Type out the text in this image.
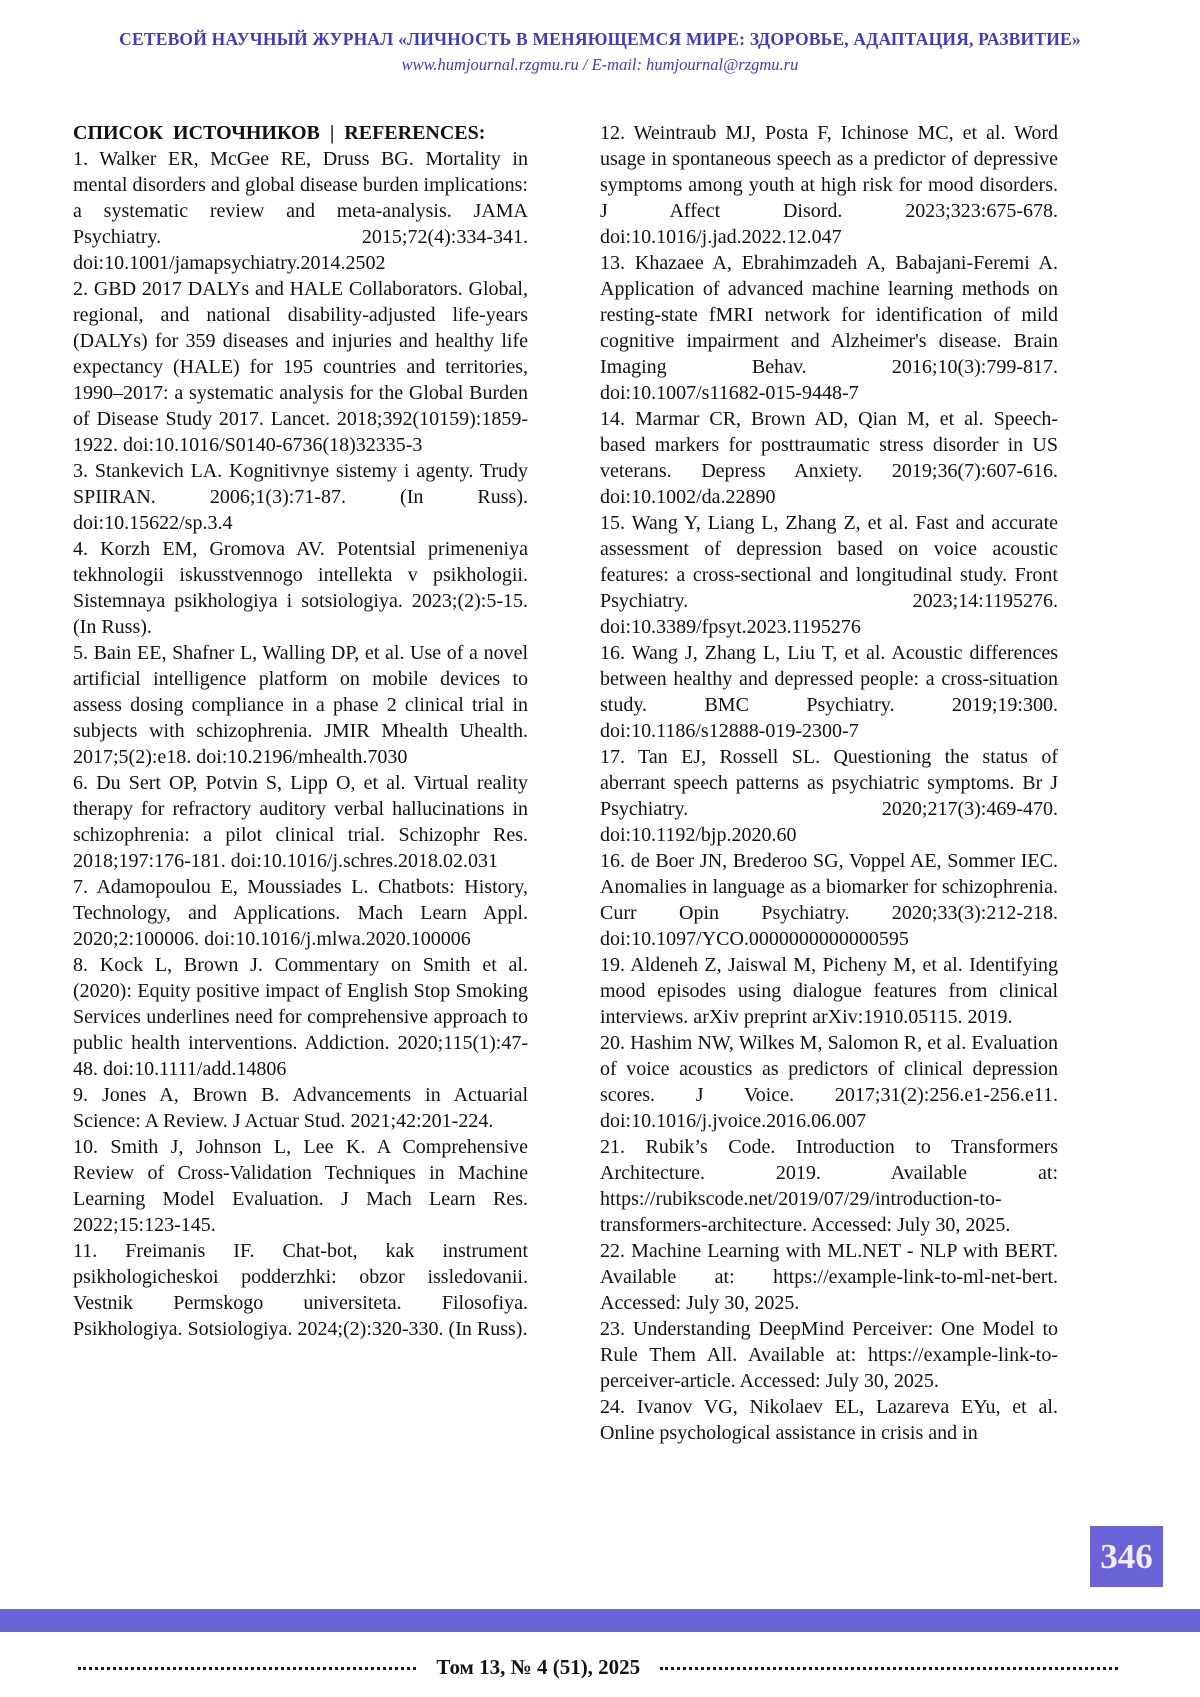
СЕТЕВОЙ НАУЧНЫЙ ЖУРНАЛ «ЛИЧНОСТЬ В МЕНЯЮЩЕМСЯ МИРЕ: ЗДОРОВЬЕ, АДАПТАЦИЯ, РАЗВИТИЕ»
www.humjournal.rzgmu.ru / E-mail: humjournal@rzgmu.ru

СПИСОК ИСТОЧНИКОВ | REFERENCES:

1. Walker ER, McGee RE, Druss BG. Mortality in mental disorders and global disease burden implications: a systematic review and meta-analysis. JAMA Psychiatry. 2015;72(4):334-341. doi:10.1001/jamapsychiatry.2014.2502

2. GBD 2017 DALYs and HALE Collaborators. Global, regional, and national disability-adjusted life-years (DALYs) for 359 diseases and injuries and healthy life expectancy (HALE) for 195 countries and territories, 1990–2017: a systematic analysis for the Global Burden of Disease Study 2017. Lancet. 2018;392(10159):1859-1922. doi:10.1016/S0140-6736(18)32335-3

3. Stankevich LA. Kognitivnye sistemy i agenty. Trudy SPIIRAN. 2006;1(3):71-87. (In Russ). doi:10.15622/sp.3.4

4. Korzh EM, Gromova AV. Potentsial primeneniya tekhnologii iskusstvennogo intellekta v psikhologii. Sistemnaya psikhologiya i sotsiologiya. 2023;(2):5-15. (In Russ).

5. Bain EE, Shafner L, Walling DP, et al. Use of a novel artificial intelligence platform on mobile devices to assess dosing compliance in a phase 2 clinical trial in subjects with schizophrenia. JMIR Mhealth Uhealth. 2017;5(2):e18. doi:10.2196/mhealth.7030

6. Du Sert OP, Potvin S, Lipp O, et al. Virtual reality therapy for refractory auditory verbal hallucinations in schizophrenia: a pilot clinical trial. Schizophr Res. 2018;197:176-181. doi:10.1016/j.schres.2018.02.031

7. Adamopoulou E, Moussiades L. Chatbots: History, Technology, and Applications. Mach Learn Appl. 2020;2:100006. doi:10.1016/j.mlwa.2020.100006

8. Kock L, Brown J. Commentary on Smith et al. (2020): Equity positive impact of English Stop Smoking Services underlines need for comprehensive approach to public health interventions. Addiction. 2020;115(1):47-48. doi:10.1111/add.14806

9. Jones A, Brown B. Advancements in Actuarial Science: A Review. J Actuar Stud. 2021;42:201-224.

10. Smith J, Johnson L, Lee K. A Comprehensive Review of Cross-Validation Techniques in Machine Learning Model Evaluation. J Mach Learn Res. 2022;15:123-145.

11. Freimanis IF. Chat-bot, kak instrument psikhologicheskoi podderzhki: obzor issledovanii. Vestnik Permskogo universiteta. Filosofiya. Psikhologiya. Sotsiologiya. 2024;(2):320-330. (In Russ).

12. Weintraub MJ, Posta F, Ichinose MC, et al. Word usage in spontaneous speech as a predictor of depressive symptoms among youth at high risk for mood disorders. J Affect Disord. 2023;323:675-678. doi:10.1016/j.jad.2022.12.047

13. Khazaee A, Ebrahimzadeh A, Babajani-Feremi A. Application of advanced machine learning methods on resting-state fMRI network for identification of mild cognitive impairment and Alzheimer's disease. Brain Imaging Behav. 2016;10(3):799-817. doi:10.1007/s11682-015-9448-7

14. Marmar CR, Brown AD, Qian M, et al. Speech-based markers for posttraumatic stress disorder in US veterans. Depress Anxiety. 2019;36(7):607-616. doi:10.1002/da.22890

15. Wang Y, Liang L, Zhang Z, et al. Fast and accurate assessment of depression based on voice acoustic features: a cross-sectional and longitudinal study. Front Psychiatry. 2023;14:1195276. doi:10.3389/fpsyt.2023.1195276

16. Wang J, Zhang L, Liu T, et al. Acoustic differences between healthy and depressed people: a cross-situation study. BMC Psychiatry. 2019;19:300. doi:10.1186/s12888-019-2300-7

17. Tan EJ, Rossell SL. Questioning the status of aberrant speech patterns as psychiatric symptoms. Br J Psychiatry. 2020;217(3):469-470. doi:10.1192/bjp.2020.60

16. de Boer JN, Brederoo SG, Voppel AE, Sommer IEC. Anomalies in language as a biomarker for schizophrenia. Curr Opin Psychiatry. 2020;33(3):212-218. doi:10.1097/YCO.0000000000000595

19. Aldeneh Z, Jaiswal M, Picheny M, et al. Identifying mood episodes using dialogue features from clinical interviews. arXiv preprint arXiv:1910.05115. 2019.

20. Hashim NW, Wilkes M, Salomon R, et al. Evaluation of voice acoustics as predictors of clinical depression scores. J Voice. 2017;31(2):256.e1-256.e11. doi:10.1016/j.jvoice.2016.06.007

21. Rubik’s Code. Introduction to Transformers Architecture. 2019. Available at: https://rubikscode.net/2019/07/29/introduction-to-transformers-architecture. Accessed: July 30, 2025.

22. Machine Learning with ML.NET - NLP with BERT. Available at: https://example-link-to-ml-net-bert. Accessed: July 30, 2025.

23. Understanding DeepMind Perceiver: One Model to Rule Them All. Available at: https://example-link-to-perceiver-article. Accessed: July 30, 2025.

24. Ivanov VG, Nikolaev EL, Lazareva EYu, et al. Online psychological assistance in crisis and in

346
Том 13, № 4 (51), 2025
